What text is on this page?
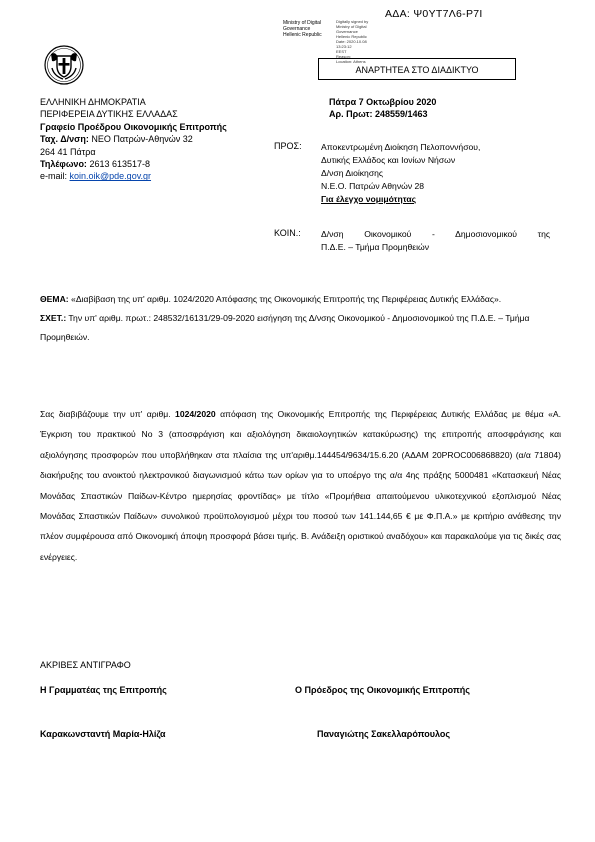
ΑΔΑ: Ψ0ΥΤ7Λ6-Ρ7Ι
Ministry of Digital
Governance
Hellenic Republic
Digitally signed by
Ministry of Digital
Governance
Hellenic Republic
Date: 2020.10.08
13:23:12
EEST
Reason:
Location: Athens
ΑΝΑΡΤΗΤΕΑ ΣΤΟ ΔΙΑΔΙΚΤΥΟ
ΕΛΛΗΝΙΚΗ ΔΗΜΟΚΡΑΤΙΑ
ΠΕΡΙΦΕΡΕΙΑ ΔΥΤΙΚΗΣ ΕΛΛΑΔΑΣ
Γραφείο Προέδρου Οικονομικής Επιτροπής
Ταχ. Δ/νση: ΝΕΟ Πατρών-Αθηνών 32
264 41 Πάτρα
Τηλέφωνο: 2613 613517-8
e-mail: koin.oik@pde.gov.gr
Πάτρα 7 Οκτωβρίου 2020
Αρ. Πρωτ: 248559/1463
ΠΡΟΣ: Αποκεντρωμένη Διοίκηση Πελοποννήσου,
Δυτικής Ελλάδος και Ιονίων Νήσων
Δ/νση Διοίκησης
Ν.Ε.Ο. Πατρών Αθηνών 28
Για έλεγχο νομιμότητας
ΚΟΙΝ.: Δ/νση Οικονομικού - Δημοσιονομικού της
Π.Δ.Ε. – Τμήμα Προμηθειών

ΘΕΜΑ: «Διαβίβαση της υπ' αριθμ. 1024/2020 Απόφασης της Οικονομικής Επιτροπής της Περιφέρειας Δυτικής Ελλάδας».

ΣΧΕΤ.: Την υπ' αριθμ. πρωτ.: 248532/16131/29-09-2020 εισήγηση της Δ/νσης Οικονομικού - Δημοσιονομικού της Π.Δ.Ε. – Τμήμα Προμηθειών.

Σας διαβιβάζουμε την υπ' αριθμ. 1024/2020 απόφαση της Οικονομικής Επιτροπής της Περιφέρειας Δυτικής Ελλάδας με θέμα «Α. Έγκριση του πρακτικού Νο 3 (αποσφράγιση και αξιολόγηση δικαιολογητικών κατακύρωσης) της επιτροπής αποσφράγισης και αξιολόγησης προσφορών που υποβλήθηκαν στα πλαίσια της υπ'αριθμ.144454/9634/15.6.20 (ΑΔΑΜ 20PROC006868820) (α/α 71804) διακήρυξης του ανοικτού ηλεκτρονικού διαγωνισμού κάτω των ορίων για το υποέργο της α/α 4ης πράξης 5000481 «Κατασκευή Νέας Μονάδας Σπαστικών Παίδων-Κέντρο ημερησίας φροντίδας» με τίτλο «Προμήθεια απαιτούμενου υλικοτεχνικού εξοπλισμού Νέας Μονάδας Σπαστικών Παίδων» συνολικού προϋπολογισμού μέχρι του ποσού των 141.144,65 € με Φ.Π.Α.» με κριτήριο ανάθεσης την πλέον συμφέρουσα από Οικονομική άποψη προσφορά βάσει τιμής. Β. Ανάδειξη οριστικού αναδόχου» και παρακαλούμε για τις δικές σας ενέργειες.

ΑΚΡΙΒΕΣ ΑΝΤΙΓΡΑΦΟ
Η Γραμματέας της Επιτροπής	Ο Πρόεδρος της Οικονομικής Επιτροπής
Καρακωνσταντή Μαρία-Ηλίζα	Παναγιώτης Σακελλαρόπουλος
